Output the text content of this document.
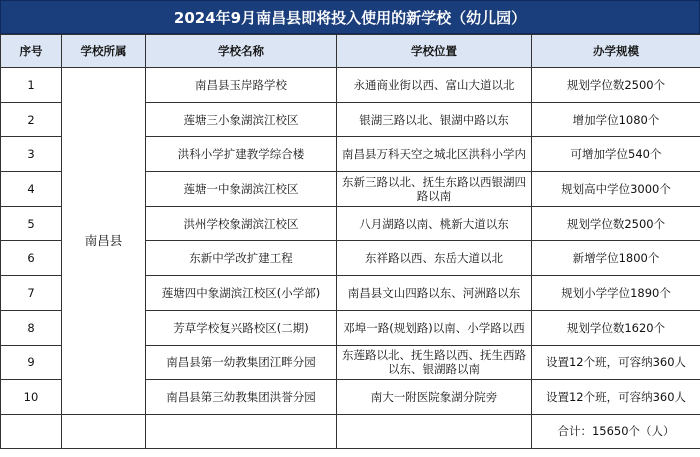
2024年9月南昌县即将投入使用的新学校（幼儿园）
序号	学校所属	学校名称	学校位置	办学规模
1	南昌县	南昌县玉岸路学校	永通商业街以西、富山大道以北	规划学位数2500个
2		莲塘三小象湖滨江校区	银湖三路以北、银湖中路以东	增加学位1080个
3		洪科小学扩建教学综合楼	南昌县万科天空之城北区洪科小学内	可增加学位540个
4		莲塘一中象湖滨江校区	东新三路以北、抚生东路以西银湖四路以南	规划高中学位3000个
5		洪州学校象湖滨江校区	八月湖路以南、桃新大道以东	规划学位数2500个
6		东新中学改扩建工程	东祥路以西、东岳大道以北	新增学位1800个
7		莲塘四中象湖滨江校区(小学部)	南昌县文山四路以东、河洲路以东	规划小学学位1890个
8		芳草学校复兴路校区(二期)	邓埠一路(规划路)以南、小学路以西	规划学位数1620个
9		南昌县第一幼教集团江畔分园	东莲路以北、抚生路以西、抚生西路以东、银湖路以南	设置12个班，可容纳360人
10		南昌县第三幼教集团洪誉分园	南大一附医院象湖分院旁	设置12个班，可容纳360人
				合计：15650个（人）
